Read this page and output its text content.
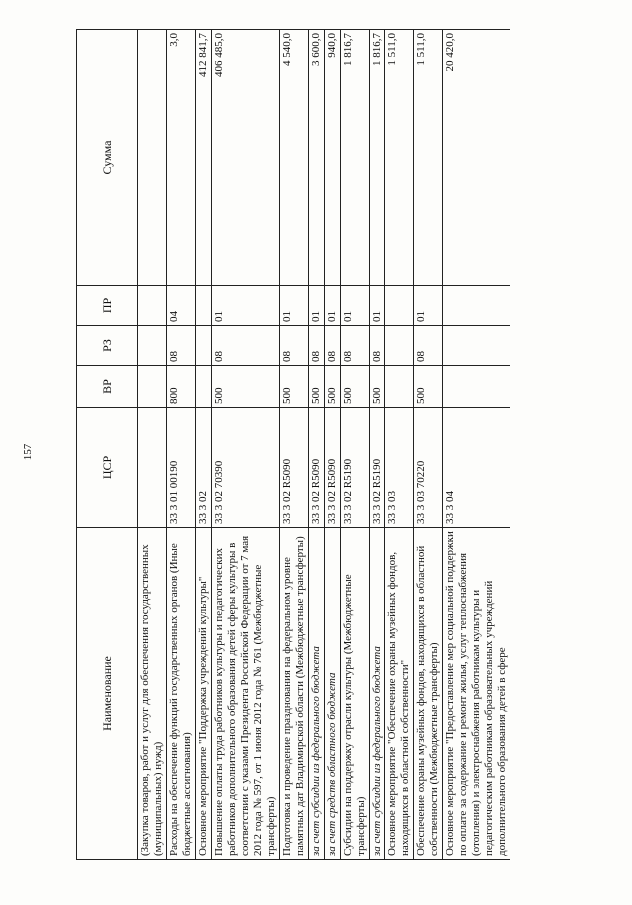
157
Наименование	ЦСР	ВР	РЗ	ПР	Сумма
(Закупка товаров, работ и услуг для обеспечения государственных (муниципальных) нужд)					
Расходы на обеспечение функций государственных органов (Иные бюджетные ассигнования)	33 3 01 00190	800	08	04	3,0
Основное мероприятие "Поддержка учреждений культуры"	33 3 02				412 841,7
Повышение оплаты труда работников культуры и педагогических работников дополнительного образования детей сферы культуры в соответствии с указами Президента Российской Федерации от 7 мая 2012 года № 597, от 1 июня 2012 года № 761 (Межбюджетные трансферты)	33 3 02 70390	500	08	01	406 485,0
Подготовка и проведение празднования на федеральном уровне памятных дат Владимирской области (Межбюджетные трансферты)	33 3 02 R5090	500	08	01	4 540,0
за счет субсидии из федерального бюджета	33 3 02 R5090	500	08	01	3 600,0
за счет средств областного бюджета	33 3 02 R5090	500	08	01	940,0
Субсидии на поддержку отрасли культуры (Межбюджетные трансферты)	33 3 02 R5190	500	08	01	1 816,7
за счет субсидии из федерального бюджета	33 3 02 R5190	500	08	01	1 816,7
Основное мероприятие "Обеспечение охраны музейных фондов, находящихся в областной собственности"	33 3 03				1 511,0
Обеспечение охраны музейных фондов, находящихся в областной собственности (Межбюджетные трансферты)	33 3 03 70220	500	08	01	1 511,0
Основное мероприятие "Предоставление мер социальной поддержки по оплате за содержание и ремонт жилья, услуг теплоснабжения (отопления) и электроснабжения работникам культуры и педагогическим работникам образовательных учреждений дополнительного образования детей в сфере	33 3 04				20 420,0
